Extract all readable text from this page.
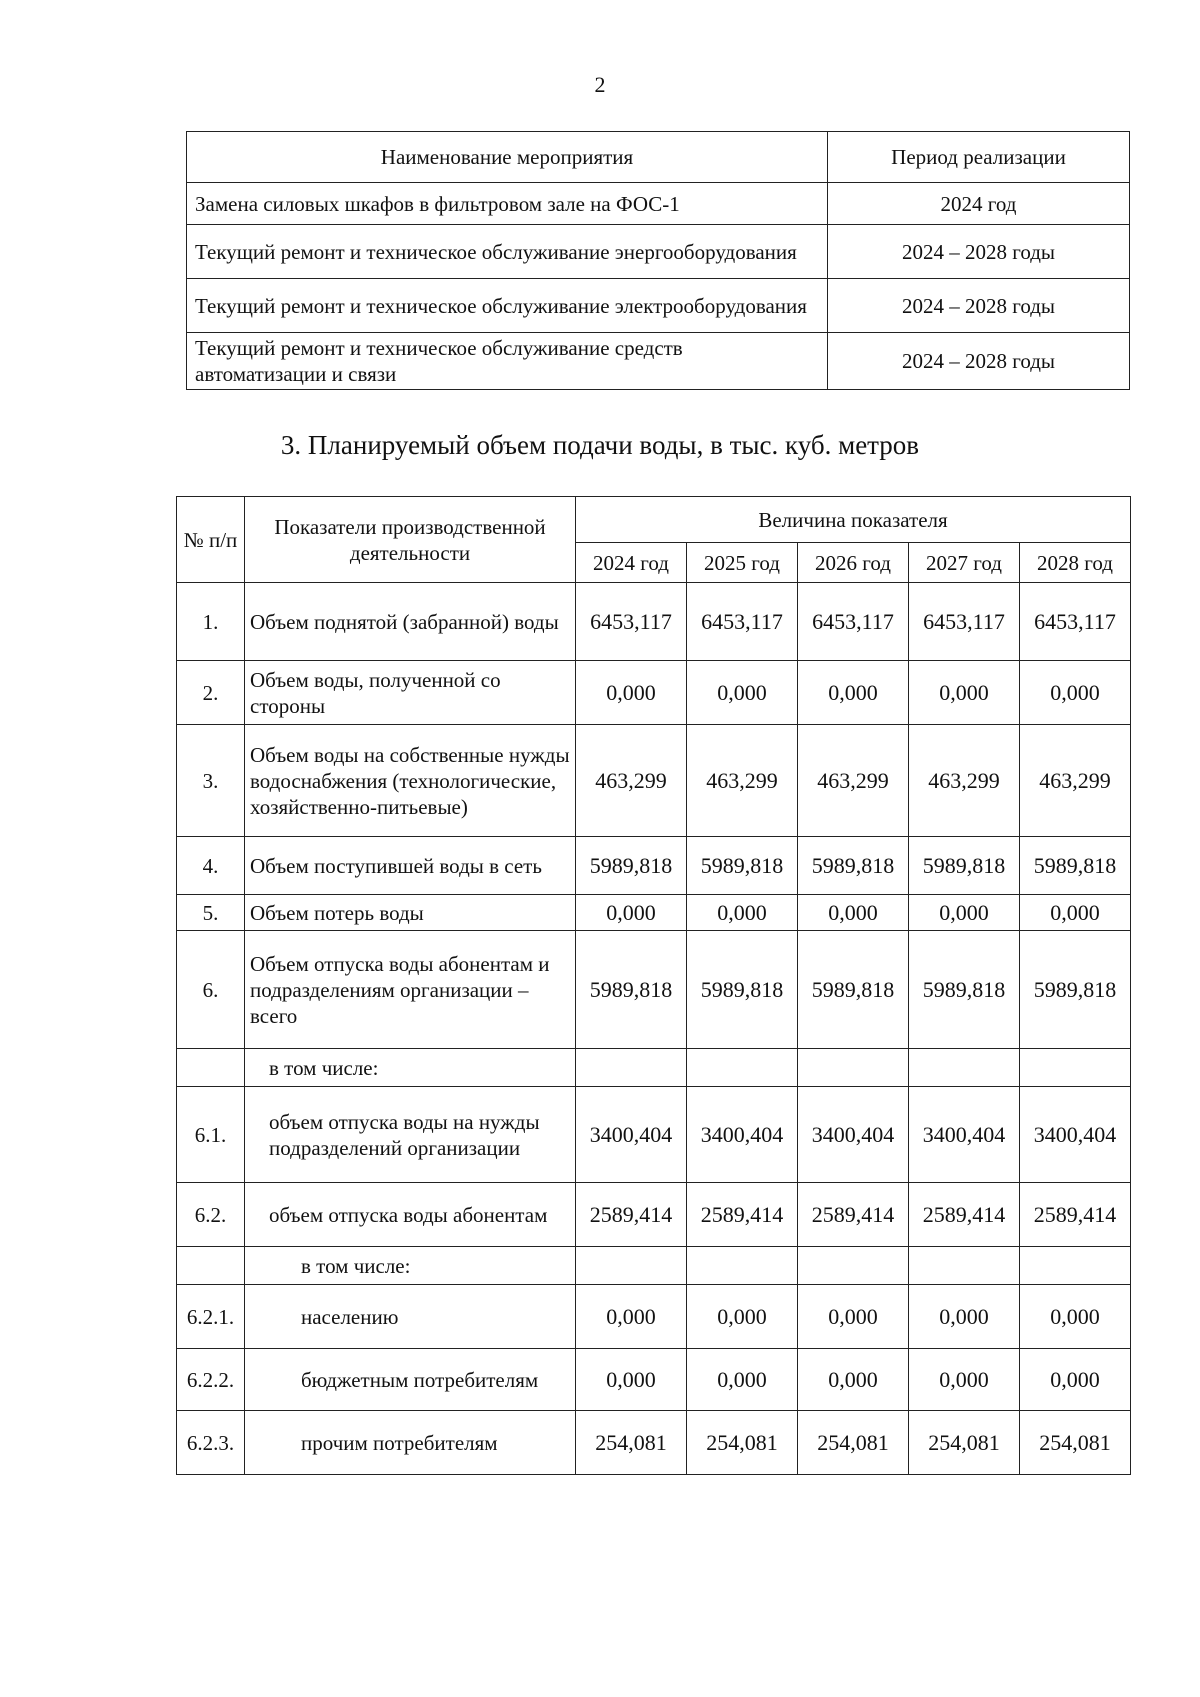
2
Наименование мероприятия	Период реализации
Замена силовых шкафов в фильтровом зале на ФОС-1	2024 год
Текущий ремонт и техническое обслуживание энергооборудования	2024 – 2028 годы
Текущий ремонт и техническое обслуживание электрооборудования	2024 – 2028 годы
Текущий ремонт и техническое обслуживание средств автоматизации и связи	2024 – 2028 годы
3. Планируемый объем подачи воды, в тыс. куб. метров
№ п/п	Показатели производственной деятельности	Величина показателя				
		2024 год	2025 год	2026 год	2027 год	2028 год
1.	Объем поднятой (забранной) воды	6453,117	6453,117	6453,117	6453,117	6453,117
2.	Объем воды, полученной со стороны	0,000	0,000	0,000	0,000	0,000
3.	Объем воды на собственные нужды водоснабжения (технологические, хозяйственно-питьевые)	463,299	463,299	463,299	463,299	463,299
4.	Объем поступившей воды в сеть	5989,818	5989,818	5989,818	5989,818	5989,818
5.	Объем потерь воды	0,000	0,000	0,000	0,000	0,000
6.	Объем отпуска воды абонентам и подразделениям организации – всего	5989,818	5989,818	5989,818	5989,818	5989,818
	в том числе:					
6.1.	объем отпуска воды на нужды подразделений организации	3400,404	3400,404	3400,404	3400,404	3400,404
6.2.	объем отпуска воды абонентам	2589,414	2589,414	2589,414	2589,414	2589,414
	в том числе:					
6.2.1.	населению	0,000	0,000	0,000	0,000	0,000
6.2.2.	бюджетным потребителям	0,000	0,000	0,000	0,000	0,000
6.2.3.	прочим потребителям	254,081	254,081	254,081	254,081	254,081
